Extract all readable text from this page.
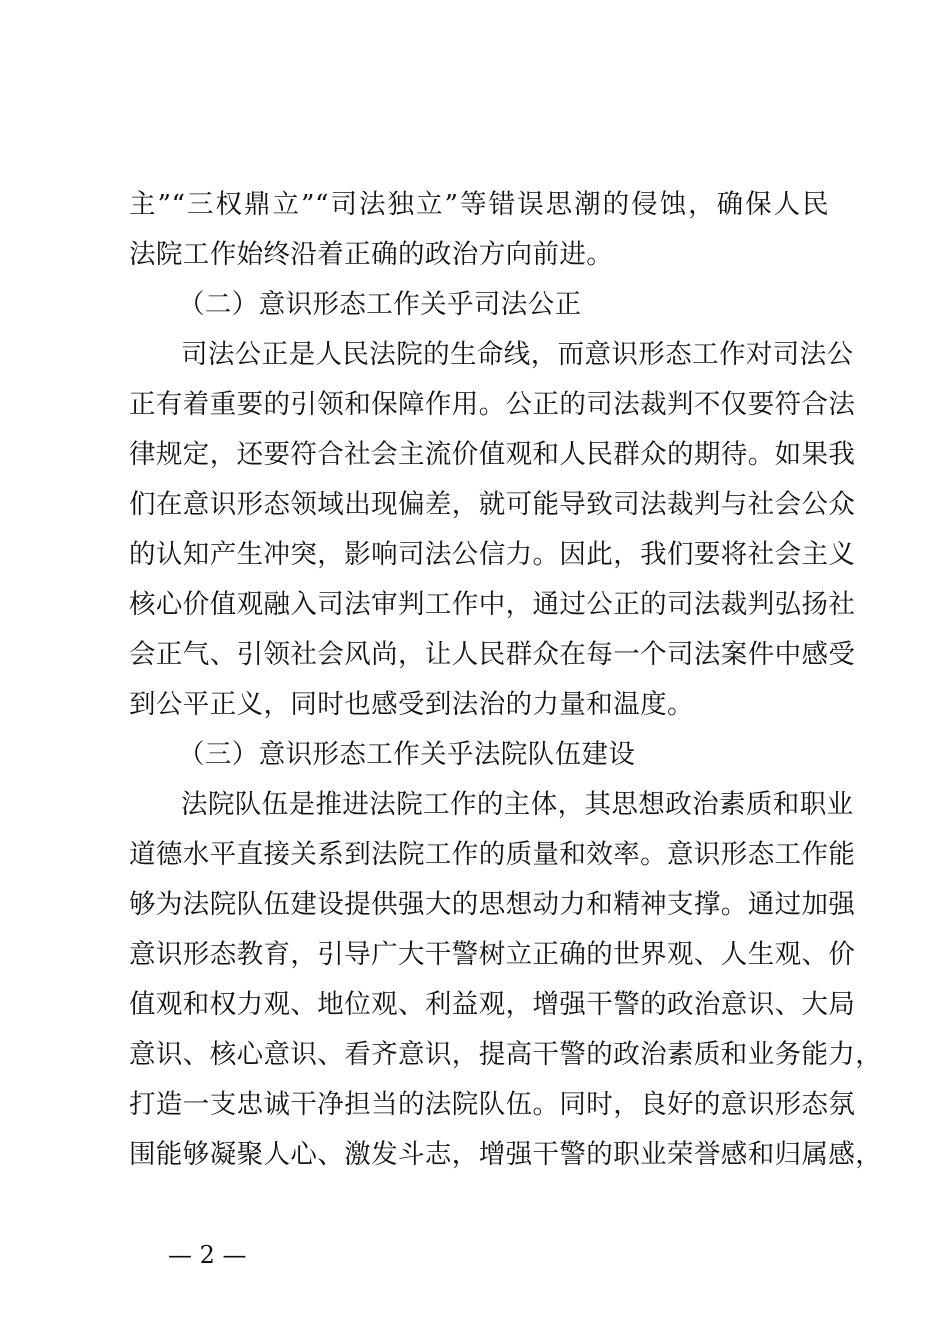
主”“三权鼎立”“司法独立”等错误思潮的侵蚀，确保人民
法院工作始终沿着正确的政治方向前进。
（二）意识形态工作关乎司法公正
司法公正是人民法院的生命线，而意识形态工作对司法公
正有着重要的引领和保障作用。公正的司法裁判不仅要符合法
律规定，还要符合社会主流价值观和人民群众的期待。如果我
们在意识形态领域出现偏差，就可能导致司法裁判与社会公众
的认知产生冲突，影响司法公信力。因此，我们要将社会主义
核心价值观融入司法审判工作中，通过公正的司法裁判弘扬社
会正气、引领社会风尚，让人民群众在每一个司法案件中感受
到公平正义，同时也感受到法治的力量和温度。
（三）意识形态工作关乎法院队伍建设
法院队伍是推进法院工作的主体，其思想政治素质和职业
道德水平直接关系到法院工作的质量和效率。意识形态工作能
够为法院队伍建设提供强大的思想动力和精神支撑。通过加强
意识形态教育，引导广大干警树立正确的世界观、人生观、价
值观和权力观、地位观、利益观，增强干警的政治意识、大局
意识、核心意识、看齐意识，提高干警的政治素质和业务能力，
打造一支忠诚干净担当的法院队伍。同时，良好的意识形态氛
围能够凝聚人心、激发斗志，增强干警的职业荣誉感和归属感，
— 2 —
